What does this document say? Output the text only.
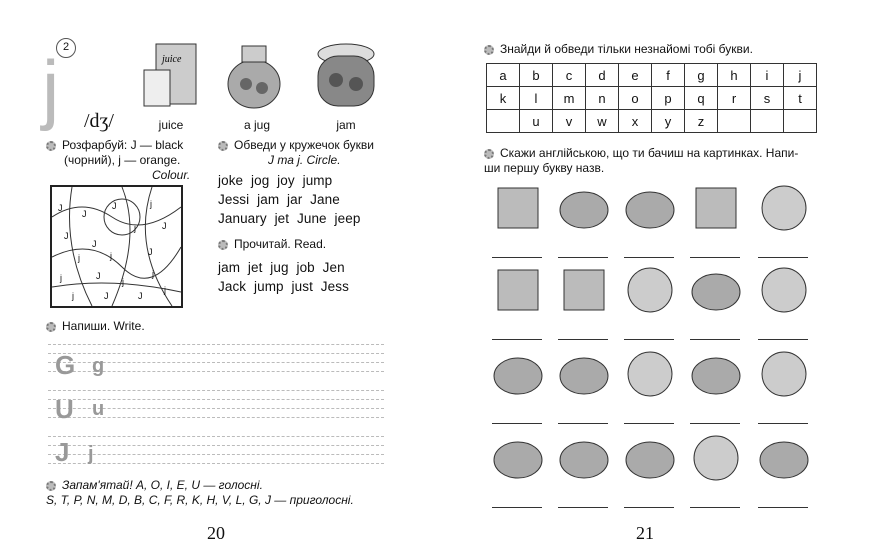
2
j /dʒ/
juice
juice	a jug	jam
Розфарбуй: J — black
(чорний), j — orange.
Colour.
J
J
J	j
J
J
j	J
j	j	J
j	J
j
j
j	J	J
j
Обведи у кружечок букви
J та j. Circle.
joke jog joy jump
Jessi jam jar Jane
January jet June jeep
Прочитай. Read.
jam jet jug job Jen
Jack jump just Jess
Напиши. Write.
G g
U u
J j
Запам'ятай! A, O, I, E, U — голосні.
S, T, P, N, M, D, B, C, F, R, K, H, V, L, G, J — приголосні.
20
Знайди й обведи тільки незнайомі тобі букви.
a	b	c	d	e	f	g	h	i	j
k	l	m	n	o	p	q	r	s	t
	u	v	w	x	y	z			
Скажи англійською, що ти бачиш на картинках. Напи-
ши першу букву назв.
21
